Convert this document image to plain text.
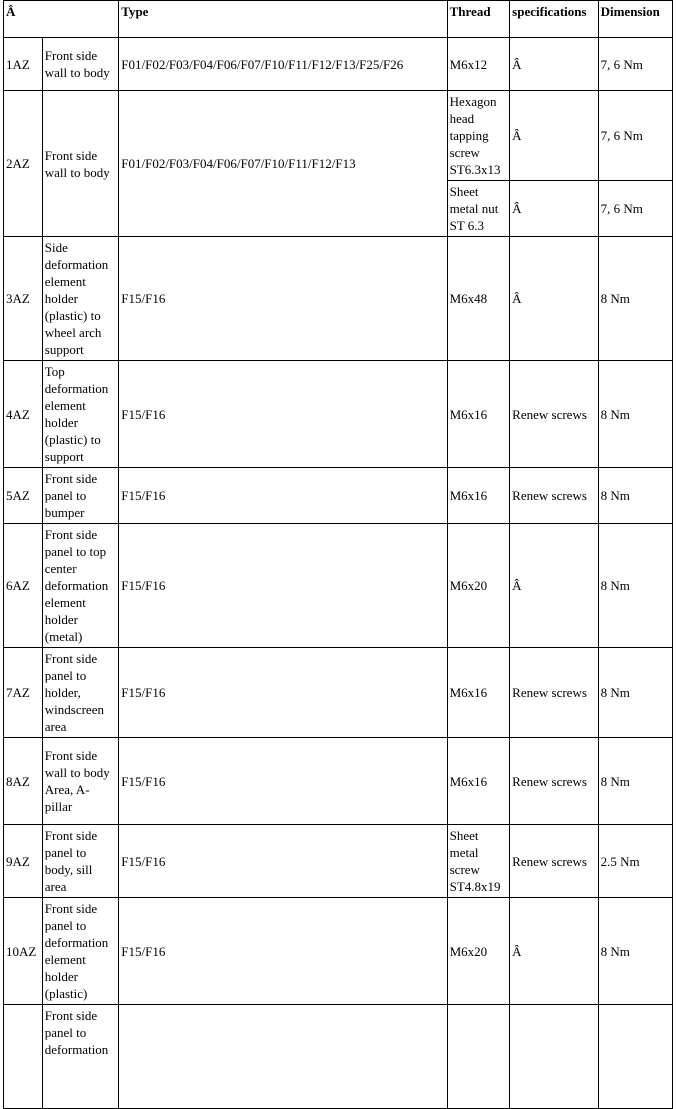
Â		Type	Thread	specifications	Dimension
1AZ	Front side wall to body	F01/F02/F03/F04/F06/F07/F10/F11/F12/F13/F25/F26	M6x12	Â	7, 6 Nm
2AZ	Front side wall to body	F01/F02/F03/F04/F06/F07/F10/F11/F12/F13	Hexagon head tapping screw ST6.3x13	Â	7, 6 Nm
			Sheet metal nut ST 6.3	Â	7, 6 Nm
3AZ	Side deformation element holder (plastic) to wheel arch support	F15/F16	M6x48	Â	8 Nm
4AZ	Top deformation element holder (plastic) to support	F15/F16	M6x16	Renew screws	8 Nm
5AZ	Front side panel to bumper	F15/F16	M6x16	Renew screws	8 Nm
6AZ	Front side panel to top center deformation element holder (metal)	F15/F16	M6x20	Â	8 Nm
7AZ	Front side panel to holder, windscreen area	F15/F16	M6x16	Renew screws	8 Nm
8AZ	Front side wall to body Area, A-pillar	F15/F16	M6x16	Renew screws	8 Nm
9AZ	Front side panel to body, sill area	F15/F16	Sheet metal screw ST4.8x19	Renew screws	2.5 Nm
10AZ	Front side panel to deformation element holder (plastic)	F15/F16	M6x20	Â	8 Nm
	Front side panel to deformation				
